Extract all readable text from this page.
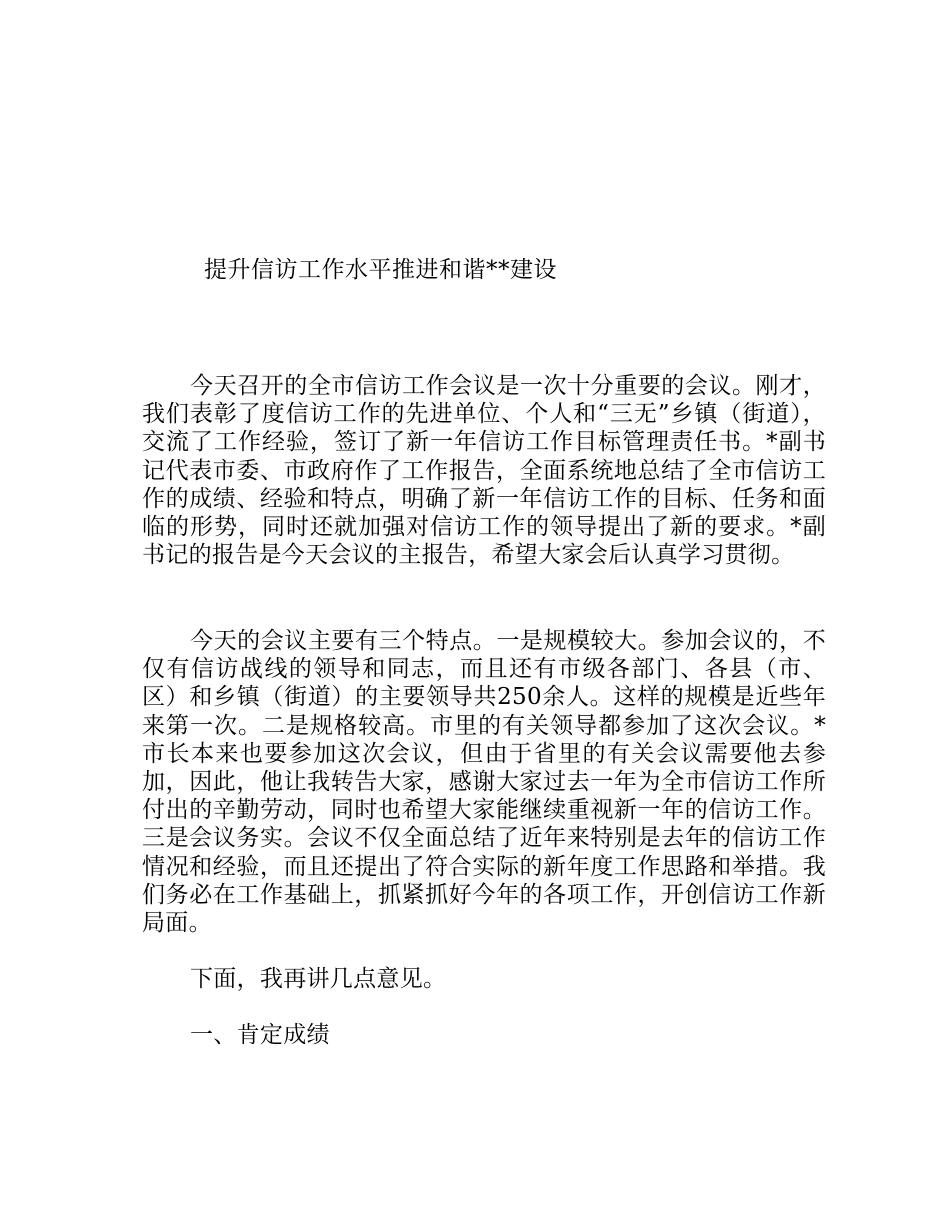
提升信访工作水平推进和谐**建设

今天召开的全市信访工作会议是一次十分重要的会议。刚才，我们表彰了度信访工作的先进单位、个人和“三无”乡镇（街道），交流了工作经验，签订了新一年信访工作目标管理责任书。*副书记代表市委、市政府作了工作报告，全面系统地总结了全市信访工作的成绩、经验和特点，明确了新一年信访工作的目标、任务和面临的形势，同时还就加强对信访工作的领导提出了新的要求。*副书记的报告是今天会议的主报告，希望大家会后认真学习贯彻。

今天的会议主要有三个特点。一是规模较大。参加会议的，不仅有信访战线的领导和同志，而且还有市级各部门、各县（市、区）和乡镇（街道）的主要领导共250余人。这样的规模是近些年来第一次。二是规格较高。市里的有关领导都参加了这次会议。*市长本来也要参加这次会议，但由于省里的有关会议需要他去参加，因此，他让我转告大家，感谢大家过去一年为全市信访工作所付出的辛勤劳动，同时也希望大家能继续重视新一年的信访工作。三是会议务实。会议不仅全面总结了近年来特别是去年的信访工作情况和经验，而且还提出了符合实际的新年度工作思路和举措。我们务必在工作基础上，抓紧抓好今年的各项工作，开创信访工作新局面。

下面，我再讲几点意见。

一、肯定成绩
